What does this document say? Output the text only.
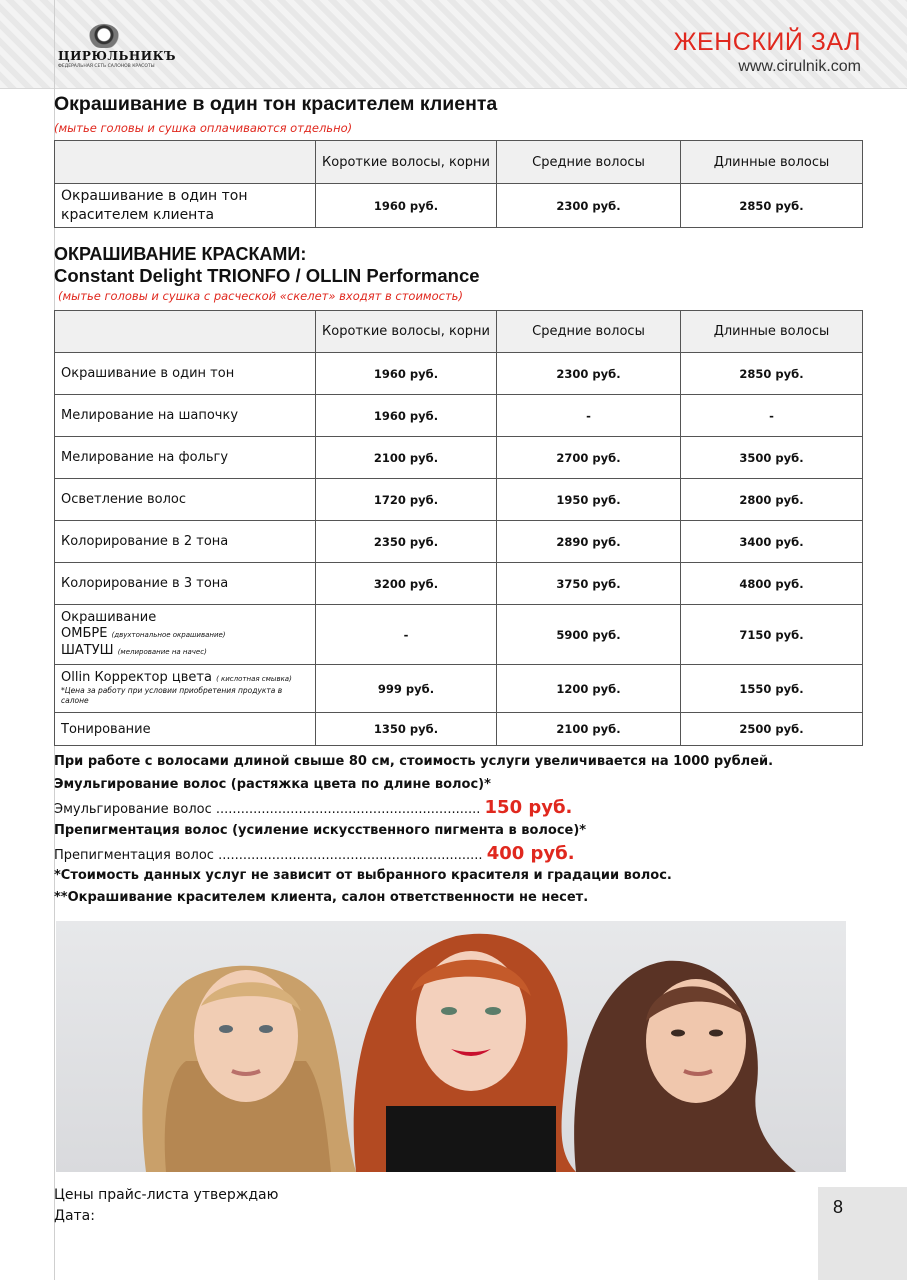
ЦИРЮЛЬНИКЪ
ФЕДЕРАЛЬНАЯ СЕТЬ САЛОНОВ КРАСОТЫ
ЖЕНСКИЙ ЗАЛ
www.cirulnik.com
Окрашивание в один тон красителем клиента
(мытье головы и сушка оплачиваются отдельно)
	Короткие волосы, корни	Средние волосы	Длинные волосы
Окрашивание в один тон красителем клиента	1960 руб.	2300 руб.	2850 руб.
ОКРАШИВАНИЕ КРАСКАМИ:
Constant Delight TRIONFO / OLLIN Performance
(мытье головы и сушка с расческой «скелет» входят в стоимость)
	Короткие волосы, корни	Средние волосы	Длинные волосы
Окрашивание в один тон	1960 руб.	2300 руб.	2850 руб.
Мелирование на шапочку	1960 руб.	-	-
Мелирование на фольгу	2100 руб.	2700 руб.	3500 руб.
Осветление волос	1720 руб.	1950 руб.	2800 руб.
Колорирование в 2 тона	2350 руб.	2890 руб.	3400 руб.
Колорирование в 3 тона	3200 руб.	3750 руб.	4800 руб.
Окрашивание
ОМБРЕ (двухтональное окрашивание)
ШАТУШ (мелирование на начес)	-	5900 руб.	7150 руб.
Ollin Корректор цвета ( кислотная смывка)
*Цена за работу при условии приобретения продукта в салоне	999 руб.	1200 руб.	1550 руб.
Тонирование	1350 руб.	2100 руб.	2500 руб.
При работе с волосами длиной свыше 80 см, стоимость услуги увеличивается на 1000 рублей.
Эмульгирование волос (растяжка цвета по длине волос)*
Эмульгирование волос ................................................................ 150 руб.
Препигментация волос (усиление искусственного пигмента в волосе)*
Препигментация волос ................................................................ 400 руб.
*Стоимость данных услуг не зависит от выбранного красителя и градации волос.
**Окрашивание красителем клиента, салон ответственности не несет.
Цены прайс-листа утверждаю
Дата:	8
